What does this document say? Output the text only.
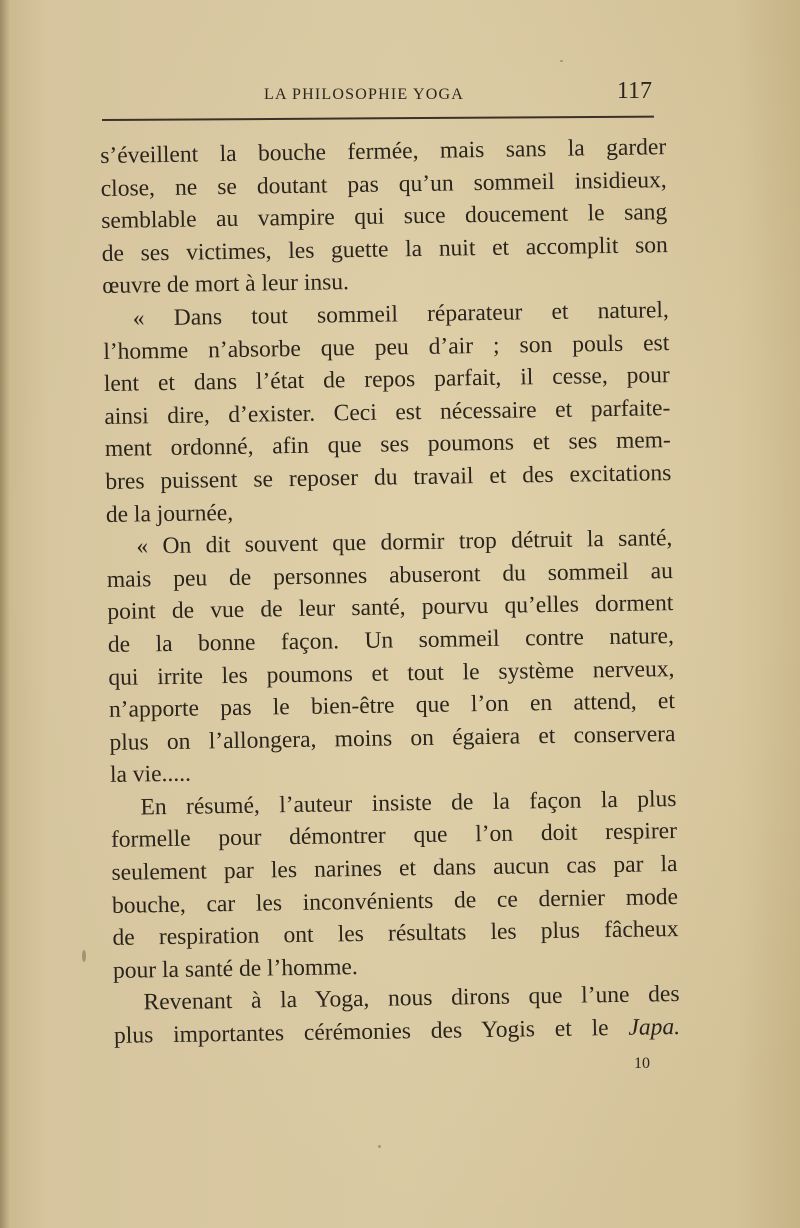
LA PHILOSOPHIE YOGA	117
s’éveillent la bouche fermée, mais sans la garder
close, ne se doutant pas qu’un sommeil insidieux,
semblable au vampire qui suce doucement le sang
de ses victimes, les guette la nuit et accomplit son
œuvre de mort à leur insu.
« Dans tout sommeil réparateur et naturel,
l’homme n’absorbe que peu d’air ; son pouls est
lent et dans l’état de repos parfait, il cesse, pour
ainsi dire, d’exister. Ceci est nécessaire et parfaite-
ment ordonné, afin que ses poumons et ses mem-
bres puissent se reposer du travail et des excitations
de la journée,
« On dit souvent que dormir trop détruit la santé,
mais peu de personnes abuseront du sommeil au
point de vue de leur santé, pourvu qu’elles dorment
de la bonne façon. Un sommeil contre nature,
qui irrite les poumons et tout le système nerveux,
n’apporte pas le bien-être que l’on en attend, et
plus on l’allongera, moins on égaiera et conservera
la vie.....
En résumé, l’auteur insiste de la façon la plus
formelle pour démontrer que l’on doit respirer
seulement par les narines et dans aucun cas par la
bouche, car les inconvénients de ce dernier mode
de respiration ont les résultats les plus fâcheux
pour la santé de l’homme.
Revenant à la Yoga, nous dirons que l’une des
plus importantes cérémonies des Yogis et le Japa.
10
